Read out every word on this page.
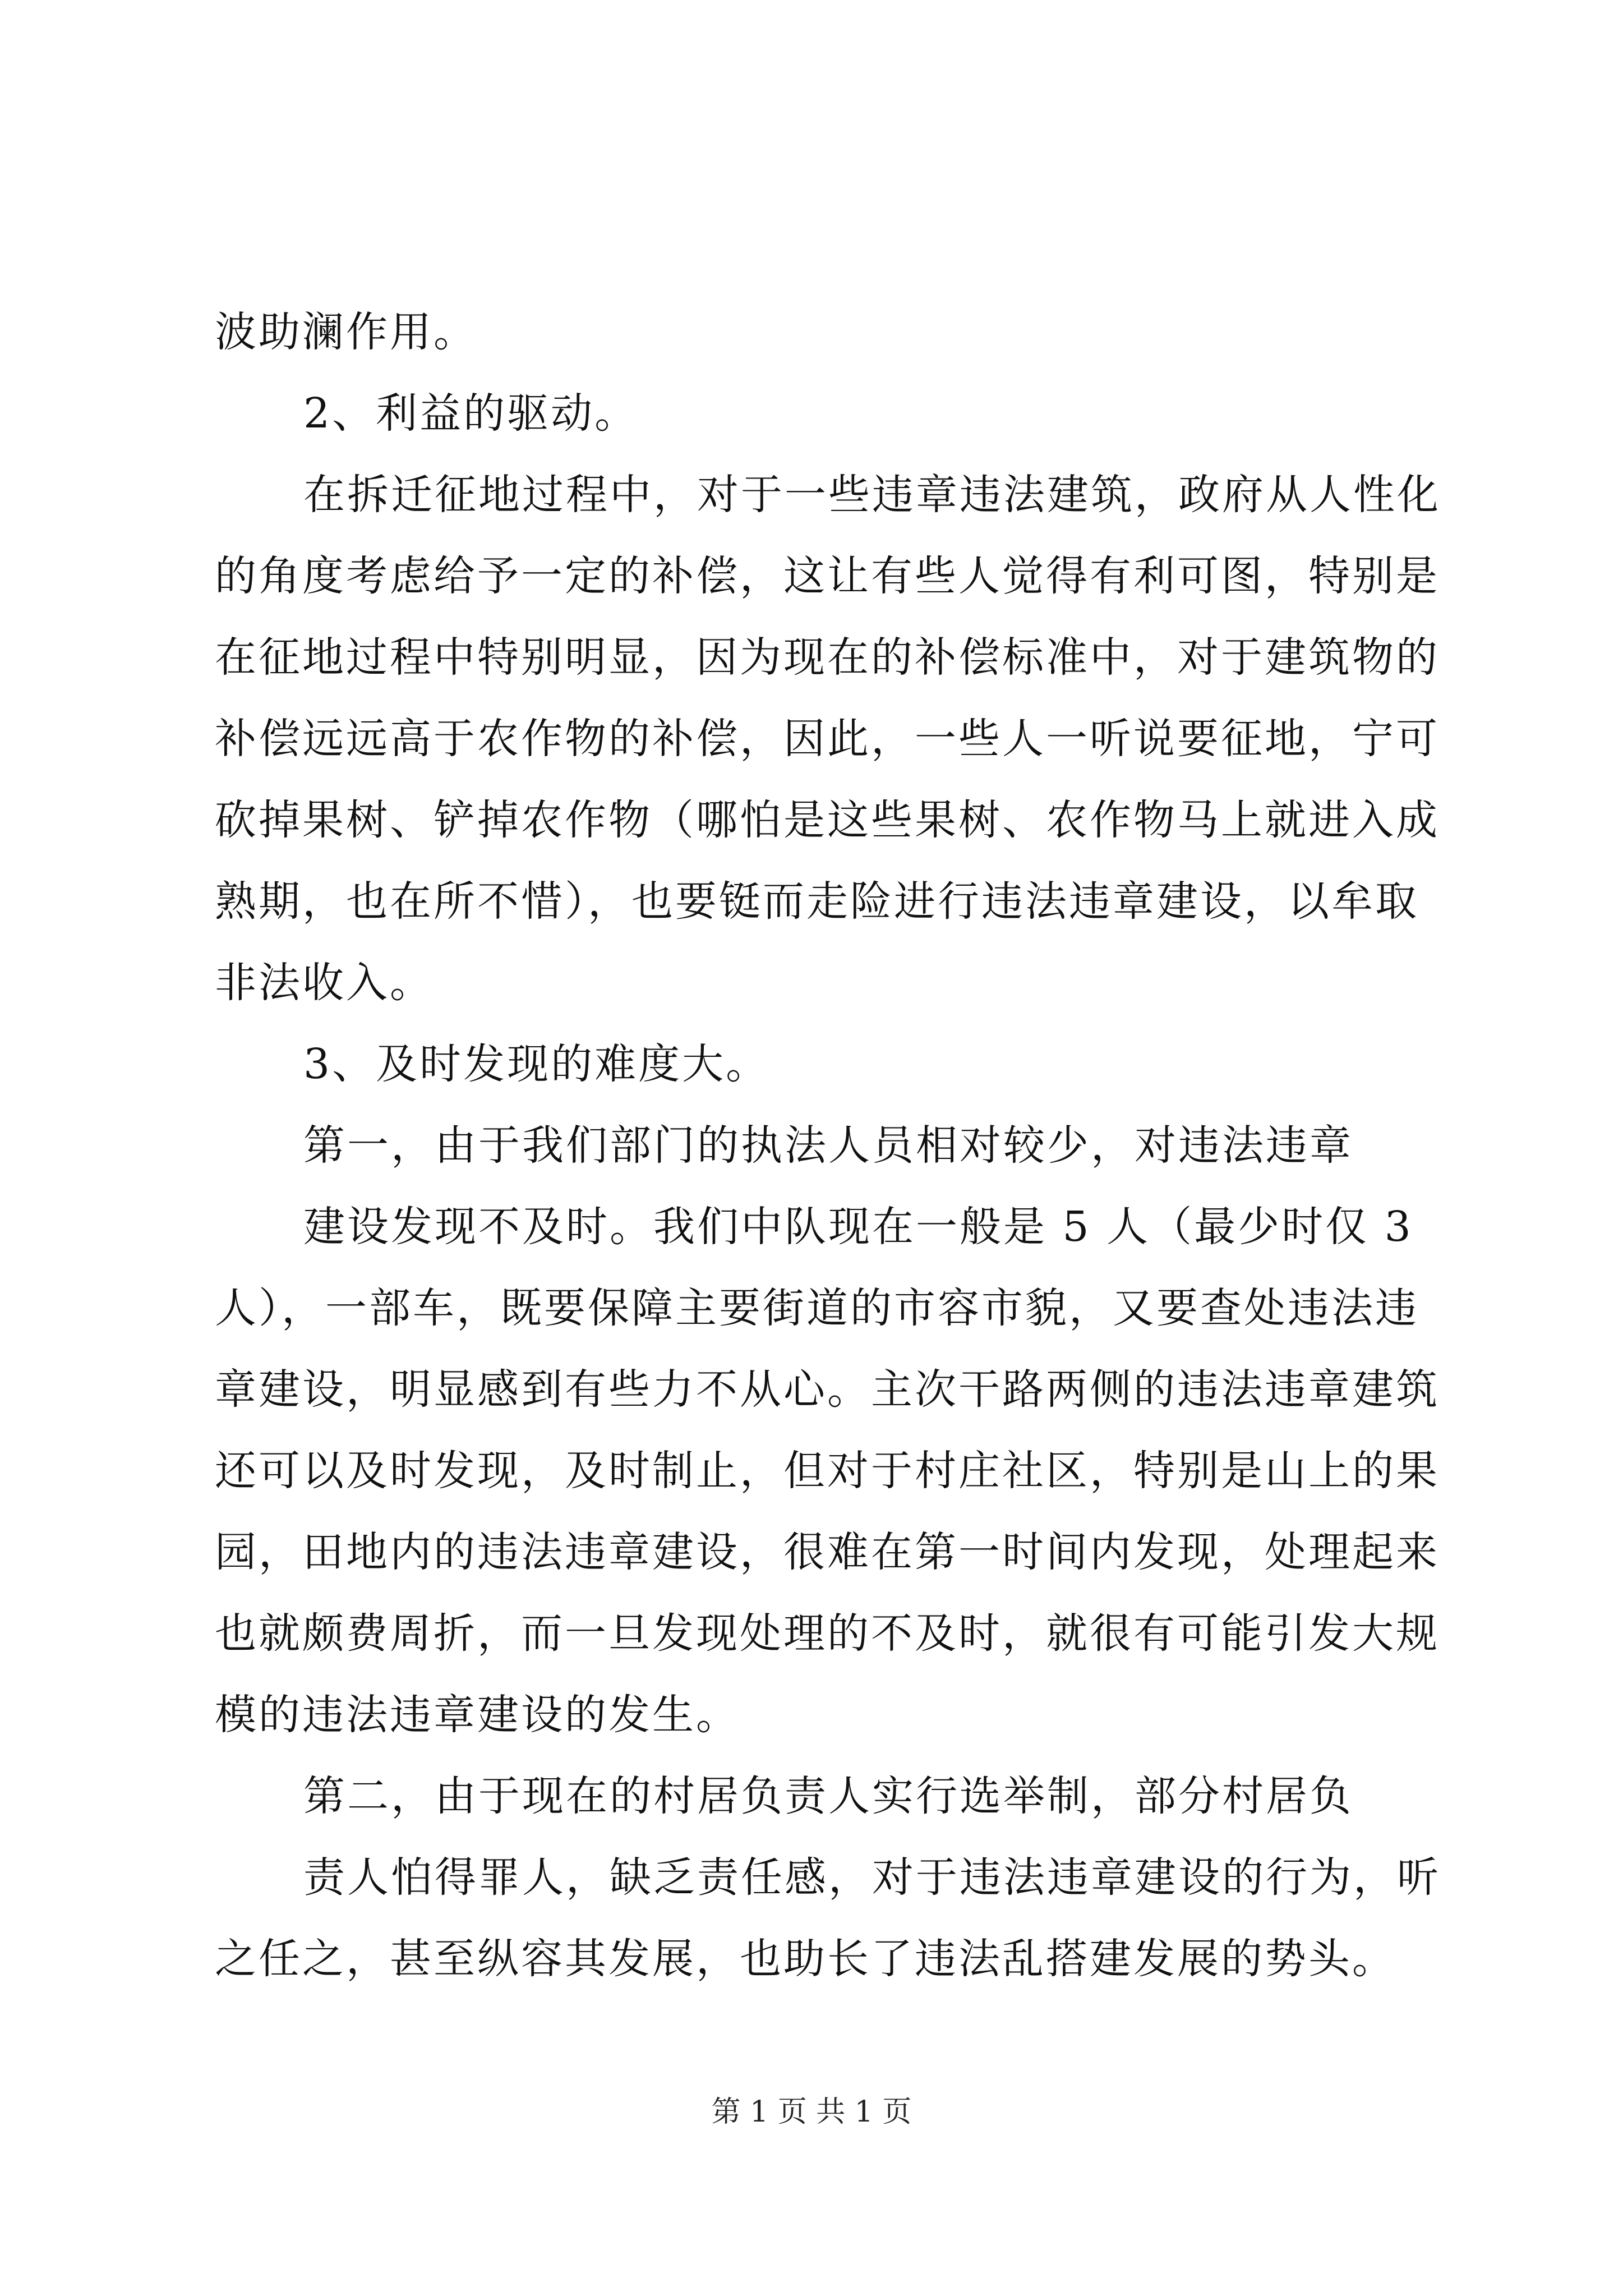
波助澜作用。
2、利益的驱动。
在拆迁征地过程中，对于一些违章违法建筑，政府从人性化
的角度考虑给予一定的补偿，这让有些人觉得有利可图，特别是
在征地过程中特别明显，因为现在的补偿标准中，对于建筑物的
补偿远远高于农作物的补偿，因此，一些人一听说要征地，宁可
砍掉果树、铲掉农作物（哪怕是这些果树、农作物马上就进入成
熟期，也在所不惜），也要铤而走险进行违法违章建设，以牟取
非法收入。
3、及时发现的难度大。
第一，由于我们部门的执法人员相对较少，对违法违章
建设发现不及时。我们中队现在一般是 5 人（最少时仅 3
人），一部车，既要保障主要街道的市容市貌，又要查处违法违
章建设，明显感到有些力不从心。主次干路两侧的违法违章建筑
还可以及时发现，及时制止，但对于村庄社区，特别是山上的果
园，田地内的违法违章建设，很难在第一时间内发现，处理起来
也就颇费周折，而一旦发现处理的不及时，就很有可能引发大规
模的违法违章建设的发生。
第二，由于现在的村居负责人实行选举制，部分村居负
责人怕得罪人，缺乏责任感，对于违法违章建设的行为，听
之任之，甚至纵容其发展，也助长了违法乱搭建发展的势头。
第 1 页 共 1 页
